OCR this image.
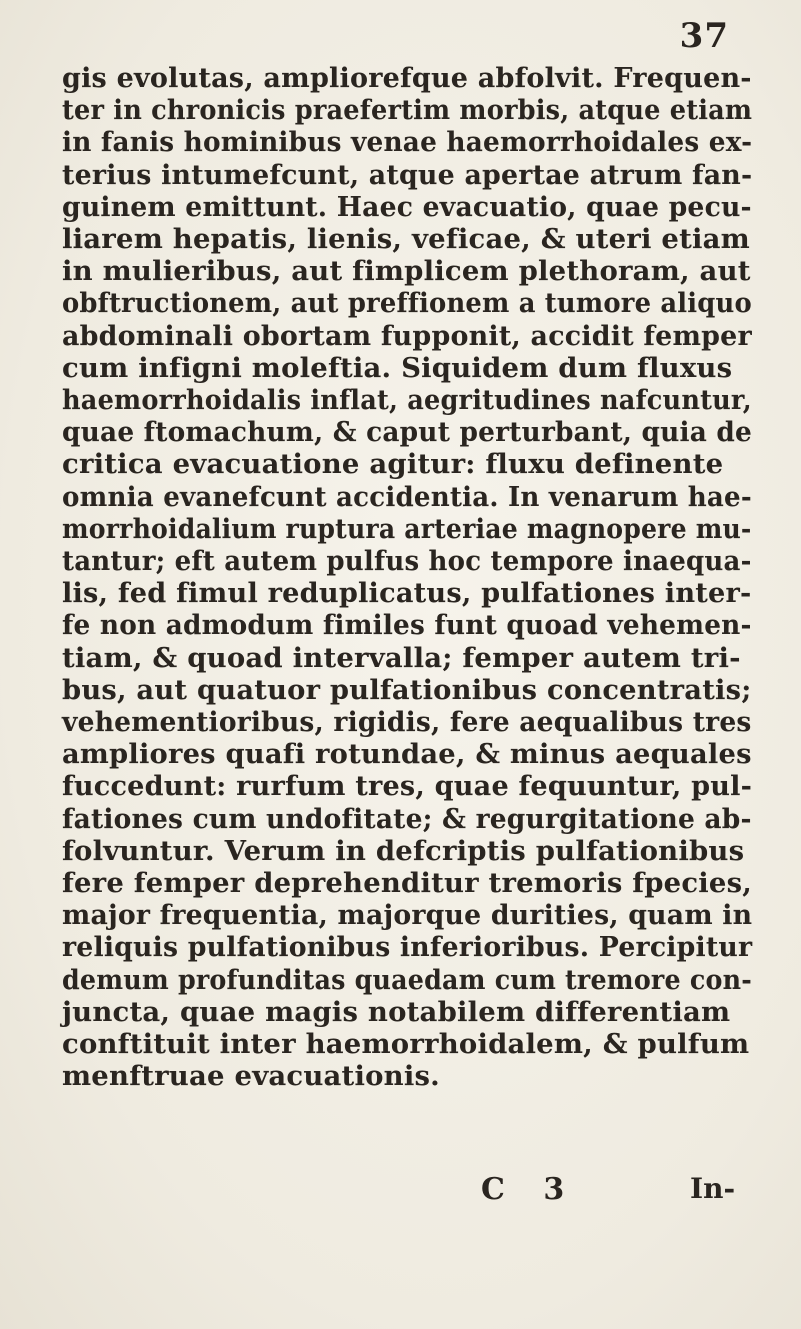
37
gis evolutas, ampliorefque abfolvit. Frequen-
ter in chronicis praefertim morbis, atque etiam
in fanis hominibus venae haemorrhoidales ex-
terius intumefcunt, atque apertae atrum fan-
guinem emittunt. Haec evacuatio, quae pecu-
liarem hepatis, lienis, veficae, & uteri etiam
in mulieribus, aut fimplicem plethoram, aut
obftructionem, aut preffionem a tumore aliquo
abdominali obortam fupponit, accidit femper
cum infigni moleftia. Siquidem dum fluxus
haemorrhoidalis inflat, aegritudines nafcuntur,
quae ftomachum, & caput perturbant, quia de
critica evacuatione agitur: fluxu definente
omnia evanefcunt accidentia. In venarum hae-
morrhoidalium ruptura arteriae magnopere mu-
tantur; eft autem pulfus hoc tempore inaequa-
lis, fed fimul reduplicatus, pulfationes inter-
fe non admodum fimiles funt quoad vehemen-
tiam, & quoad intervalla; femper autem tri-
bus, aut quatuor pulfationibus concentratis;
vehementioribus, rigidis, fere aequalibus tres
ampliores quafi rotundae, & minus aequales
fuccedunt: rurfum tres, quae fequuntur, pul-
fationes cum undofitate; & regurgitatione ab-
folvuntur. Verum in defcriptis pulfationibus
fere femper deprehenditur tremoris fpecies,
major frequentia, majorque durities, quam in
reliquis pulfationibus inferioribus. Percipitur
demum profunditas quaedam cum tremore con-
juncta, quae magis notabilem differentiam
conftituit inter haemorrhoidalem, & pulfum
menftruae evacuationis.
C 3	In-
